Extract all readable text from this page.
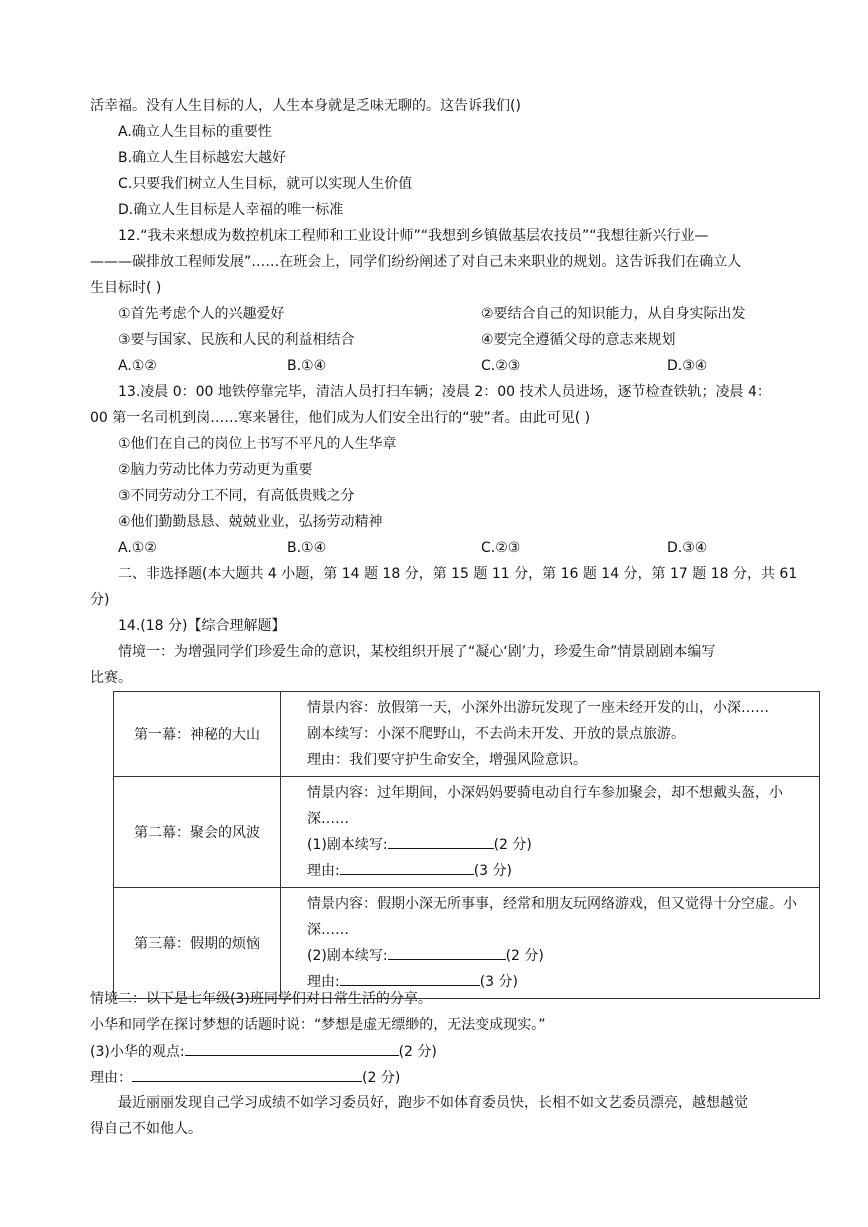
活幸福。没有人生目标的人，人生本身就是乏味无聊的。这告诉我们()
A.确立人生目标的重要性
B.确立人生目标越宏大越好
C.只要我们树立人生目标，就可以实现人生价值
D.确立人生目标是人幸福的唯一标准
12.“我未来想成为数控机床工程师和工业设计师”“我想到乡镇做基层农技员”“我想往新兴行业—
———碳排放工程师发展”……在班会上，同学们纷纷阐述了对自己未来职业的规划。这告诉我们在确立人
生目标时( )
①首先考虑个人的兴趣爱好	②要结合自己的知识能力，从自身实际出发
③要与国家、民族和人民的利益相结合	④要完全遵循父母的意志来规划
A.①②	B.①④	C.②③	D.③④
13.凌晨 0：00 地铁停靠完毕，清洁人员打扫车辆；凌晨 2：00 技术人员进场，逐节检查铁轨；凌晨 4：
00 第一名司机到岗……寒来暑往，他们成为人们安全出行的“驶”者。由此可见( )
①他们在自己的岗位上书写不平凡的人生华章
②脑力劳动比体力劳动更为重要
③不同劳动分工不同，有高低贵贱之分
④他们勤勤恳恳、兢兢业业，弘扬劳动精神
A.①②	B.①④	C.②③	D.③④
二、非选择题(本大题共 4 小题，第 14 题 18 分，第 15 题 11 分，第 16 题 14 分，第 17 题 18 分，共 61
分)
14.(18 分)【综合理解题】
情境一：为增强同学们珍爱生命的意识，某校组织开展了“凝心‘剧’力，珍爱生命”情景剧剧本编写
比赛。
第一幕：神秘的大山	情景内容：放假第一天，小深外出游玩发现了一座未经开发的山，小深……
剧本续写：小深不爬野山，不去尚未开发、开放的景点旅游。
理由：我们要守护生命安全，增强风险意识。

第二幕：聚会的风波	情景内容：过年期间，小深妈妈要骑电动自行车参加聚会，却不想戴头盔，小深……
(1)剧本续写: (2 分)
理由: (3 分)

第三幕：假期的烦恼	情景内容：假期小深无所事事，经常和朋友玩网络游戏，但又觉得十分空虚。小深……
(2)剧本续写: (2 分)
理由: (3 分)
情境二：以下是七年级(3)班同学们对日常生活的分享。
小华和同学在探讨梦想的话题时说：“梦想是虚无缥缈的，无法变成现实。”
(3)小华的观点:	(2 分)
理由：	(2 分)
最近丽丽发现自己学习成绩不如学习委员好，跑步不如体育委员快，长相不如文艺委员漂亮，越想越觉
得自己不如他人。
